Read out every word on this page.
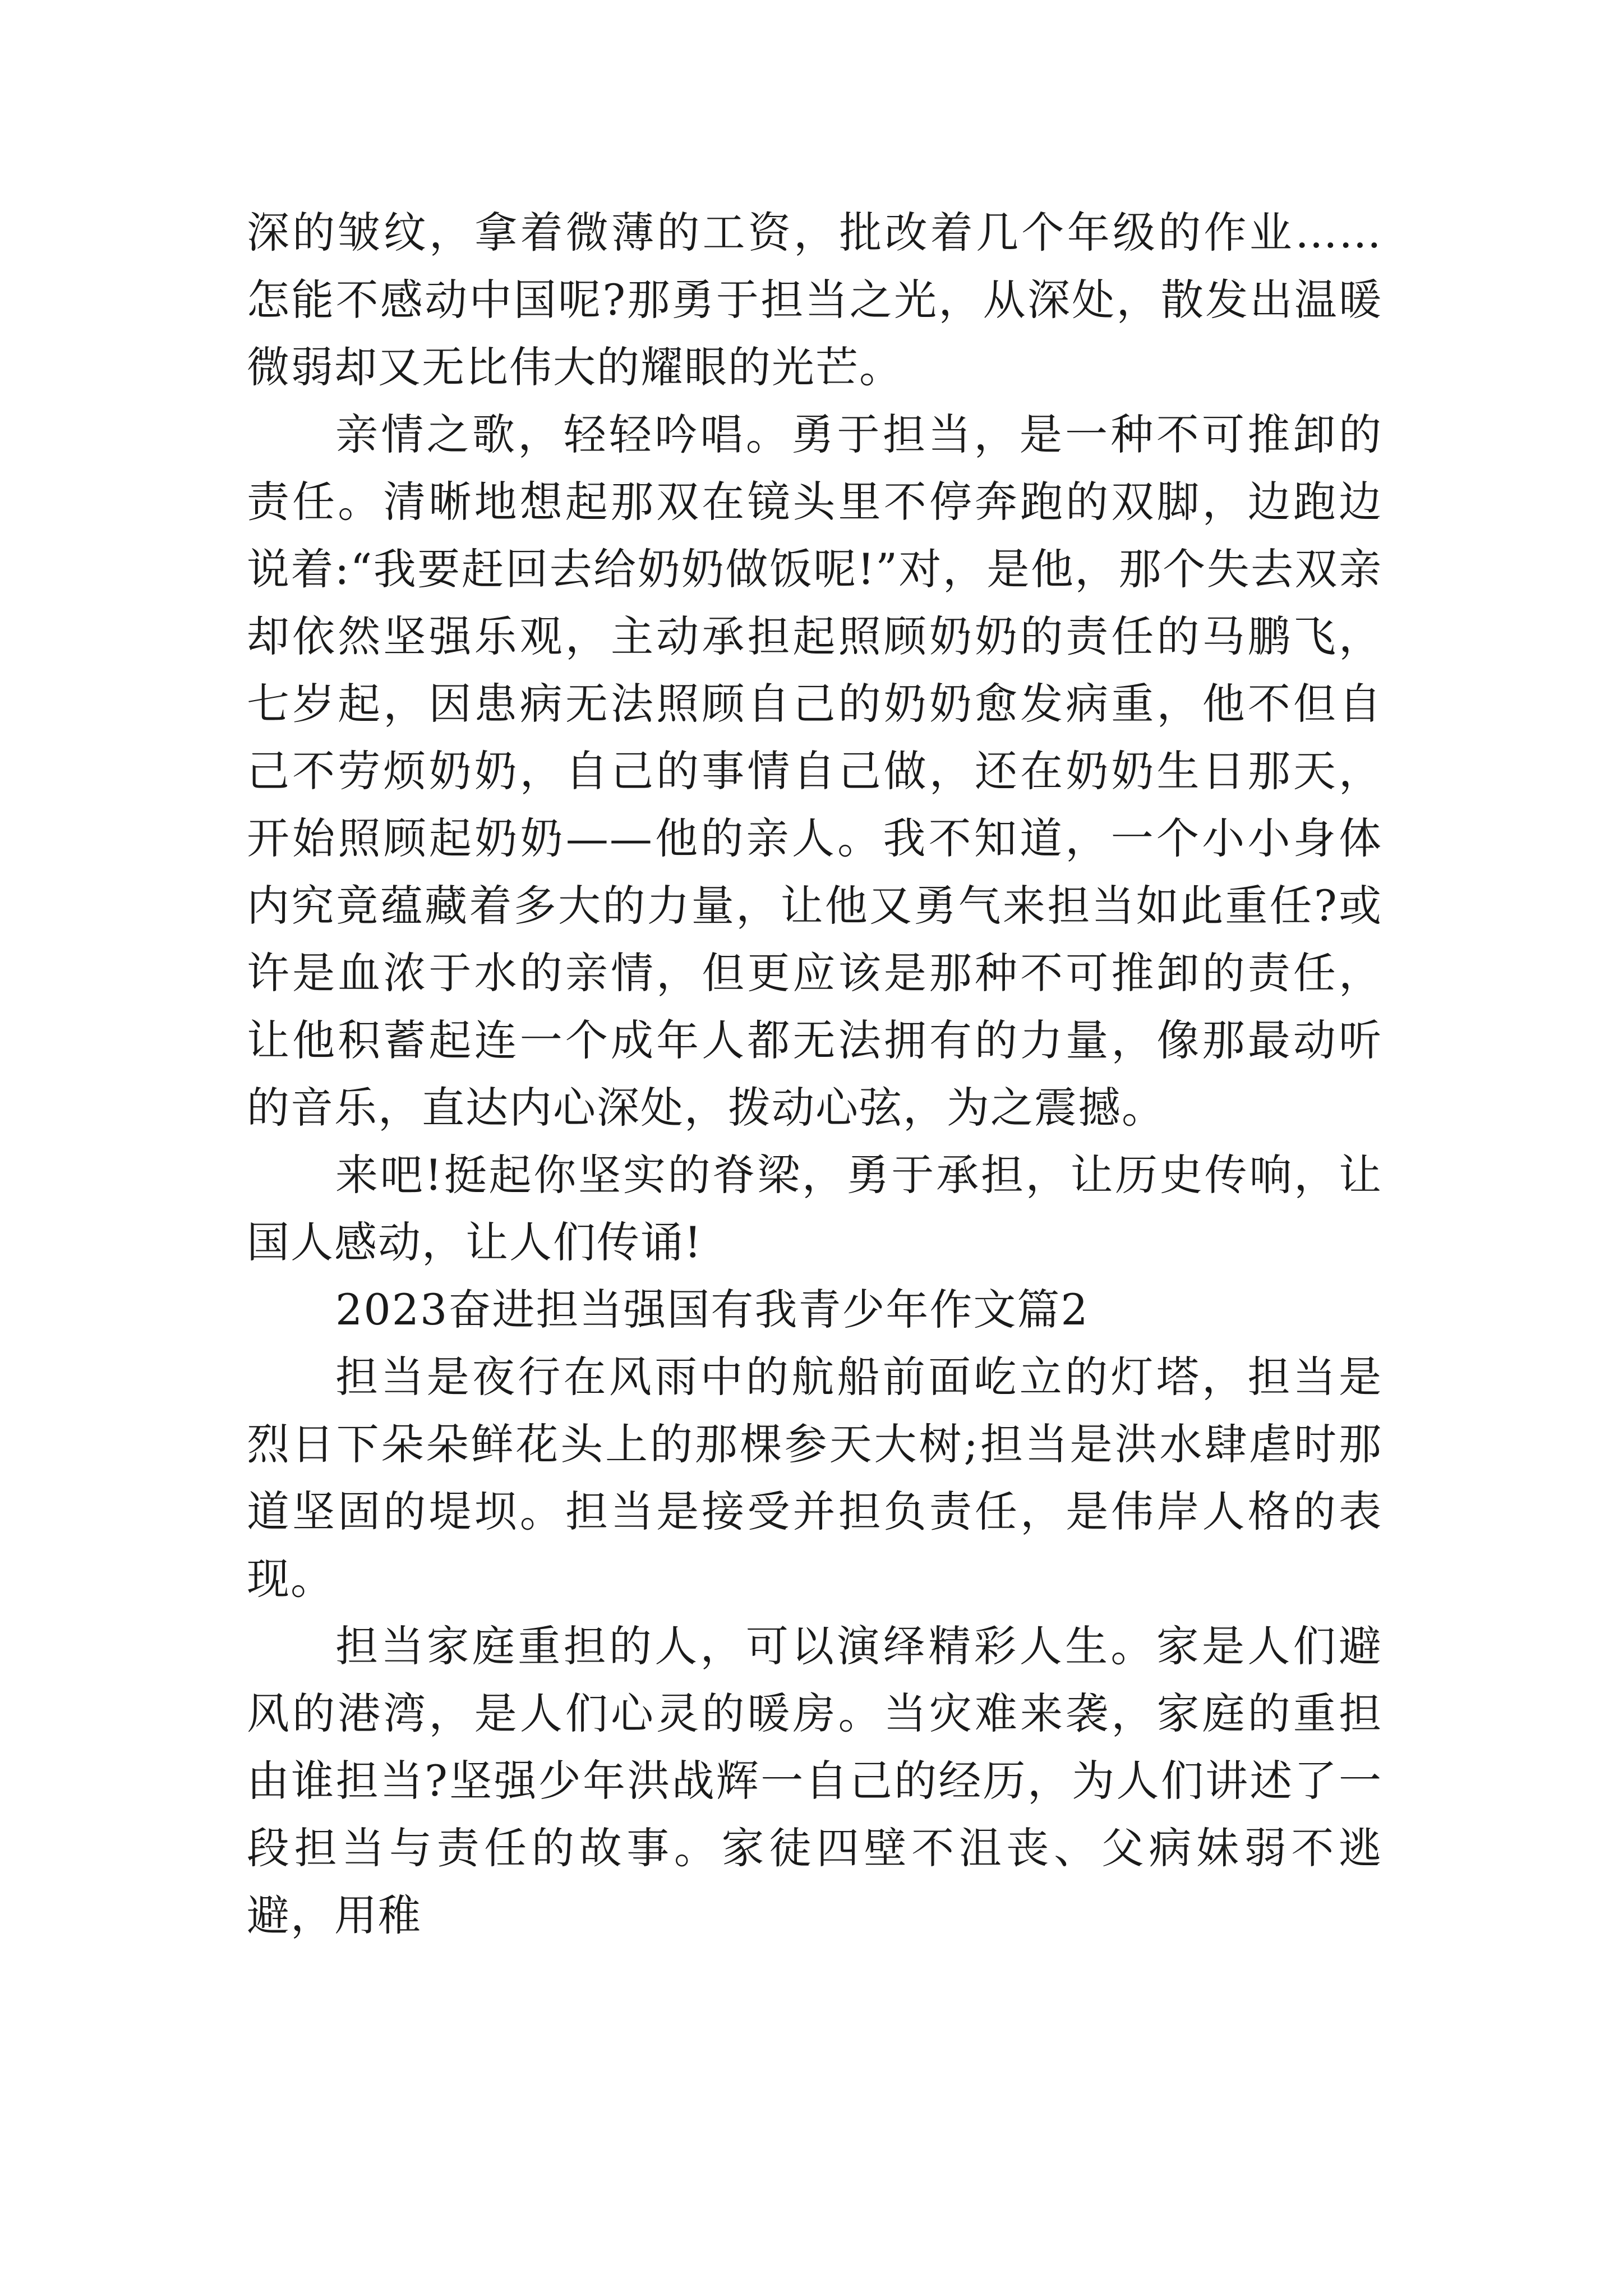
深的皱纹，拿着微薄的工资，批改着几个年级的作业……怎能不感动中国呢?那勇于担当之光，从深处，散发出温暖微弱却又无比伟大的耀眼的光芒。

亲情之歌，轻轻吟唱。勇于担当，是一种不可推卸的责任。清晰地想起那双在镜头里不停奔跑的双脚，边跑边说着:“我要赶回去给奶奶做饭呢!”对，是他，那个失去双亲却依然坚强乐观，主动承担起照顾奶奶的责任的马鹏飞，七岁起，因患病无法照顾自己的奶奶愈发病重，他不但自己不劳烦奶奶，自己的事情自己做，还在奶奶生日那天，开始照顾起奶奶——他的亲人。我不知道，一个小小身体内究竟蕴藏着多大的力量，让他又勇气来担当如此重任?或许是血浓于水的亲情，但更应该是那种不可推卸的责任，让他积蓄起连一个成年人都无法拥有的力量，像那最动听的音乐，直达内心深处，拨动心弦，为之震撼。

来吧!挺起你坚实的脊梁，勇于承担，让历史传响，让国人感动，让人们传诵!

2023奋进担当强国有我青少年作文篇2

担当是夜行在风雨中的航船前面屹立的灯塔，担当是烈日下朵朵鲜花头上的那棵参天大树;担当是洪水肆虐时那道坚固的堤坝。担当是接受并担负责任，是伟岸人格的表现。

担当家庭重担的人，可以演绎精彩人生。家是人们避风的港湾，是人们心灵的暖房。当灾难来袭，家庭的重担由谁担当?坚强少年洪战辉一自己的经历，为人们讲述了一段担当与责任的故事。家徒四壁不沮丧、父病妹弱不逃避，用稚
